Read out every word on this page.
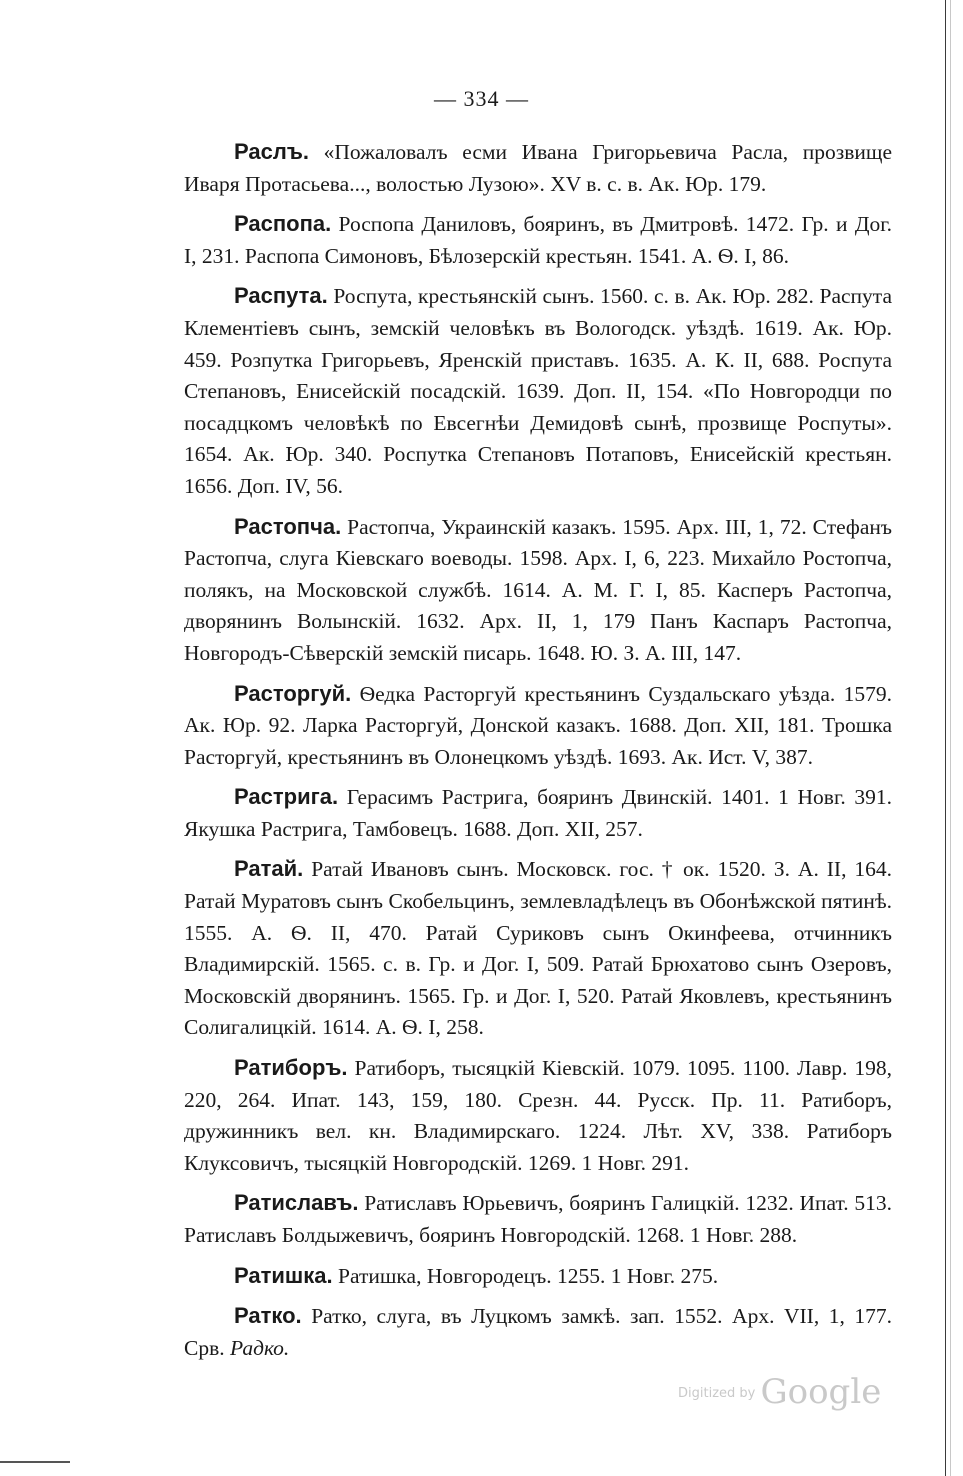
— 334 —

Раслъ. «Пожаловалъ есми Ивана Григорьевича Расла, прозвище Иваря Протасьева..., волостью Лузою». XV в. с. в. Ак. Юр. 179.

Распопа. Роспопа Даниловъ, бояринъ, въ Дмитровѣ. 1472. Гр. и Дог. I, 231. Распопа Симоновъ, Бѣлозерскій крестьян. 1541. А. Ѳ. I, 86.

Распута. Роспута, крестьянскій сынъ. 1560. с. в. Ак. Юр. 282. Распута Клементіевъ сынъ, земскій человѣкъ въ Вологодск. уѣздѣ. 1619. Ак. Юр. 459. Розпутка Григорьевъ, Яренскій приставъ. 1635. А. К. II, 688. Роспута Степановъ, Енисейскій посадскій. 1639. Доп. II, 154. «По Новгородци по посадцкомъ человѣкѣ по Евсегнѣи Демидовѣ сынѣ, прозвище Роспуты». 1654. Ак. Юр. 340. Роспутка Степановъ Потаповъ, Енисейскій крестьян. 1656. Доп. IV, 56.

Растопча. Растопча, Украинскій казакъ. 1595. Арх. III, 1, 72. Стефанъ Растопча, слуга Кіевскаго воеводы. 1598. Арх. I, 6, 223. Михайло Ростопча, полякъ, на Московской службѣ. 1614. А. М. Г. I, 85. Касперъ Растопча, дворянинъ Волынскій. 1632. Арх. II, 1, 179 Панъ Каспаръ Растопча, Новгородъ-Сѣверскій земскій писарь. 1648. Ю. З. А. III, 147.

Расторгуй. Ѳедка Расторгуй крестьянинъ Суздальскаго уѣзда. 1579. Ак. Юр. 92. Ларка Расторгуй, Донской казакъ. 1688. Доп. XII, 181. Трошка Расторгуй, крестьянинъ въ Олонецкомъ уѣздѣ. 1693. Ак. Ист. V, 387.

Растрига. Герасимъ Растрига, бояринъ Двинскій. 1401. 1 Новг. 391. Якушка Растрига, Тамбовецъ. 1688. Доп. XII, 257.

Ратай. Ратай Ивановъ сынъ. Московск. гос. † ок. 1520. З. А. II, 164. Ратай Муратовъ сынъ Скобельцинъ, землевладѣлецъ въ Обонѣжской пятинѣ. 1555. А. Ѳ. II, 470. Ратай Суриковъ сынъ Окинфеева, отчинникъ Владимирскій. 1565. с. в. Гр. и Дог. I, 509. Ратай Брюхатово сынъ Озеровъ, Московскій дворянинъ. 1565. Гр. и Дог. I, 520. Ратай Яковлевъ, крестьянинъ Солигалицкій. 1614. А. Ѳ. I, 258.

Ратиборъ. Ратиборъ, тысяцкій Кіевскій. 1079. 1095. 1100. Лавр. 198, 220, 264. Ипат. 143, 159, 180. Срезн. 44. Русск. Пр. 11. Ратиборъ, дружинникъ вел. кн. Владимирскаго. 1224. Лѣт. XV, 338. Ратиборъ Клуксовичъ, тысяцкій Новгородскій. 1269. 1 Новг. 291.

Ратиславъ. Ратиславъ Юрьевичъ, бояринъ Галицкій. 1232. Ипат. 513. Ратиславъ Болдыжевичъ, бояринъ Новгородскій. 1268. 1 Новг. 288.

Ратишка. Ратишка, Новгородецъ. 1255. 1 Новг. 275.

Ратко. Ратко, слуга, въ Луцкомъ замкѣ. зап. 1552. Арх. VII, 1, 177. Срв. Радко.

$^{Digitized by}$ Google
